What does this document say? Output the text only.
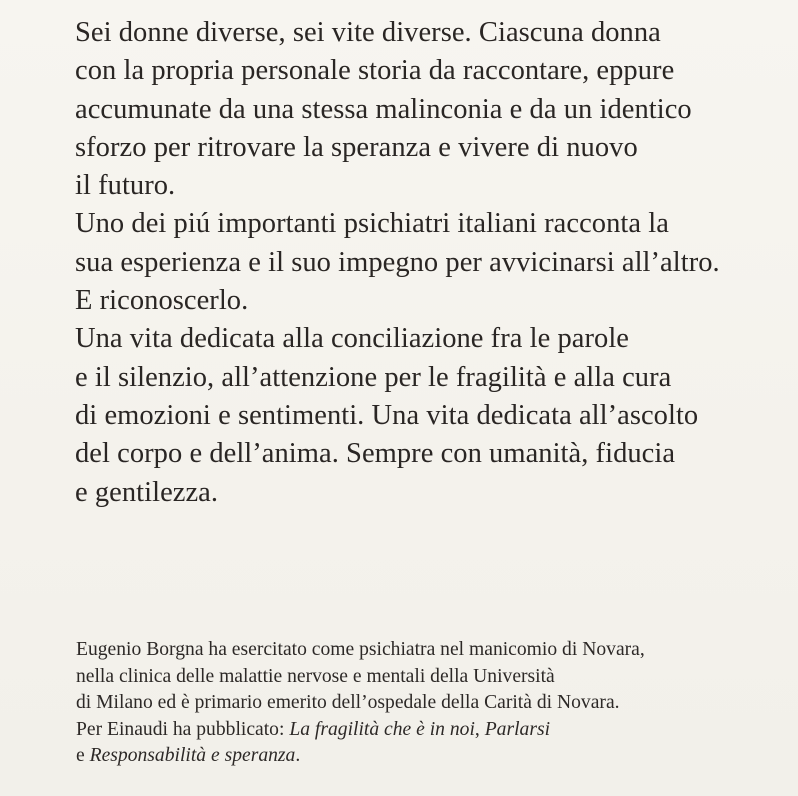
Sei donne diverse, sei vite diverse. Ciascuna donna
con la propria personale storia da raccontare, eppure
accumunate da una stessa malinconia e da un identico
sforzo per ritrovare la speranza e vivere di nuovo
il futuro.
Uno dei piú importanti psichiatri italiani racconta la
sua esperienza e il suo impegno per avvicinarsi all’altro.
E riconoscerlo.
Una vita dedicata alla conciliazione fra le parole
e il silenzio, all’attenzione per le fragilità e alla cura
di emozioni e sentimenti. Una vita dedicata all’ascolto
del corpo e dell’anima. Sempre con umanità, fiducia
e gentilezza.
Eugenio Borgna ha esercitato come psichiatra nel manicomio di Novara,
nella clinica delle malattie nervose e mentali della Università
di Milano ed è primario emerito dell’ospedale della Carità di Novara.
Per Einaudi ha pubblicato: La fragilità che è in noi, Parlarsi
e Responsabilità e speranza.
